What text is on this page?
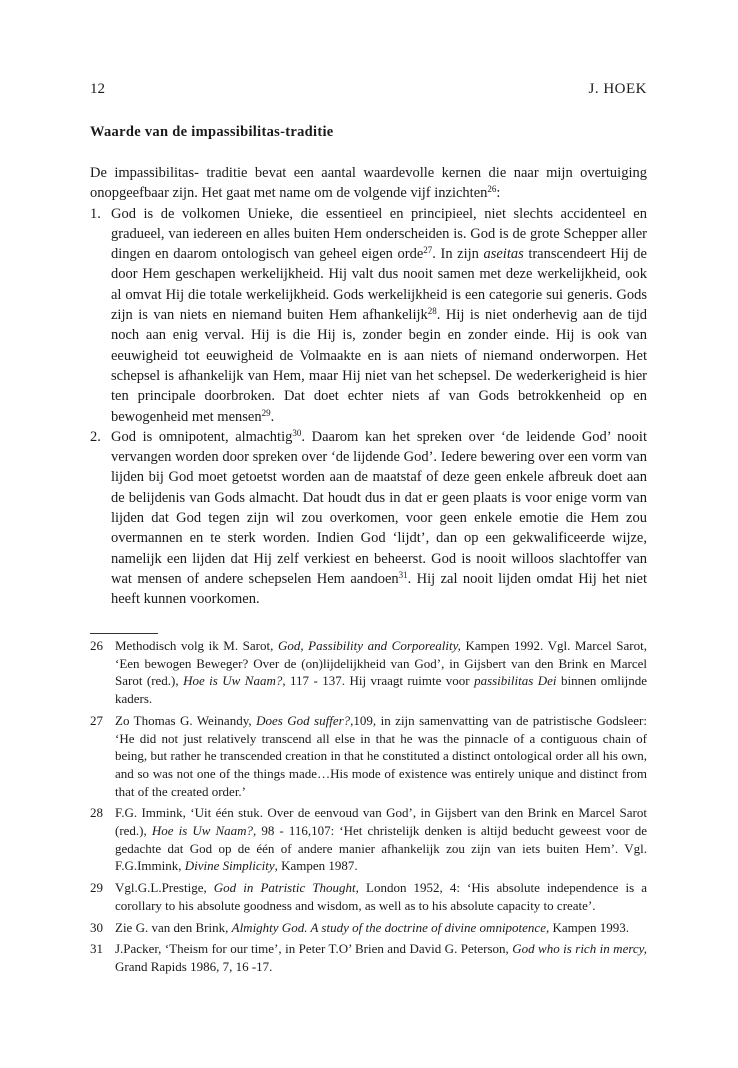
12	J. HOEK
Waarde van de impassibilitas-traditie

De impassibilitas- traditie bevat een aantal waardevolle kernen die naar mijn overtuiging onopgeefbaar zijn. Het gaat met name om de volgende vijf inzichten$^{26}$:

1. God is de volkomen Unieke, die essentieel en principieel, niet slechts accidenteel en gradueel, van iedereen en alles buiten Hem onderscheiden is. God is de grote Schepper aller dingen en daarom ontologisch van geheel eigen orde$^{27}$. In zijn aseitas transcendeert Hij de door Hem geschapen werkelijkheid. Hij valt dus nooit samen met deze werkelijkheid, ook al omvat Hij die totale werkelijkheid. Gods werkelijkheid is een categorie sui generis. Gods zijn is van niets en niemand buiten Hem afhankelijk$^{28}$. Hij is niet onderhevig aan de tijd noch aan enig verval. Hij is die Hij is, zonder begin en zonder einde. Hij is ook van eeuwigheid tot eeuwigheid de Volmaakte en is aan niets of niemand onderworpen. Het schepsel is afhankelijk van Hem, maar Hij niet van het schepsel. De wederkerigheid is hier ten principale doorbroken. Dat doet echter niets af van Gods betrokkenheid op en bewogenheid met mensen$^{29}$.
2. God is omnipotent, almachtig$^{30}$. Daarom kan het spreken over ‘de leidende God’ nooit vervangen worden door spreken over ‘de lijdende God’. Iedere bewering over een vorm van lijden bij God moet getoetst worden aan de maatstaf of deze geen enkele afbreuk doet aan de belijdenis van Gods almacht. Dat houdt dus in dat er geen plaats is voor enige vorm van lijden dat God tegen zijn wil zou overkomen, voor geen enkele emotie die Hem zou overmannen en te sterk worden. Indien God ‘lijdt’, dan op een gekwalificeerde wijze, namelijk een lijden dat Hij zelf verkiest en beheerst. God is nooit willoos slachtoffer van wat mensen of andere schepselen Hem aandoen$^{31}$. Hij zal nooit lijden omdat Hij het niet heeft kunnen voorkomen.
26 Methodisch volg ik M. Sarot, God, Passibility and Corporeality, Kampen 1992. Vgl. Marcel Sarot, ‘Een bewogen Beweger? Over de (on)lijdelijkheid van God’, in Gijsbert van den Brink en Marcel Sarot (red.), Hoe is Uw Naam?, 117 - 137. Hij vraagt ruimte voor passibilitas Dei binnen omlijnde kaders.
27 Zo Thomas G. Weinandy, Does God suffer?,109, in zijn samenvatting van de patristische Godsleer: ‘He did not just relatively transcend all else in that he was the pinnacle of a contiguous chain of being, but rather he transcended creation in that he constituted a distinct ontological order all his own, and so was not one of the things made…His mode of existence was entirely unique and distinct from that of the created order.’
28 F.G. Immink, ‘Uit één stuk. Over de eenvoud van God’, in Gijsbert van den Brink en Marcel Sarot (red.), Hoe is Uw Naam?, 98 - 116,107: ‘Het christelijk denken is altijd beducht geweest voor de gedachte dat God op de één of andere manier afhankelijk zou zijn van iets buiten Hem’. Vgl. F.G.Immink, Divine Simplicity, Kampen 1987.
29 Vgl.G.L.Prestige, God in Patristic Thought, London 1952, 4: ‘His absolute independence is a corollary to his absolute goodness and wisdom, as well as to his absolute capacity to create’.
30 Zie G. van den Brink, Almighty God. A study of the doctrine of divine omnipotence, Kampen 1993.
31 J.Packer, ‘Theism for our time’, in Peter T.O’ Brien and David G. Peterson, God who is rich in mercy, Grand Rapids 1986, 7, 16 -17.
